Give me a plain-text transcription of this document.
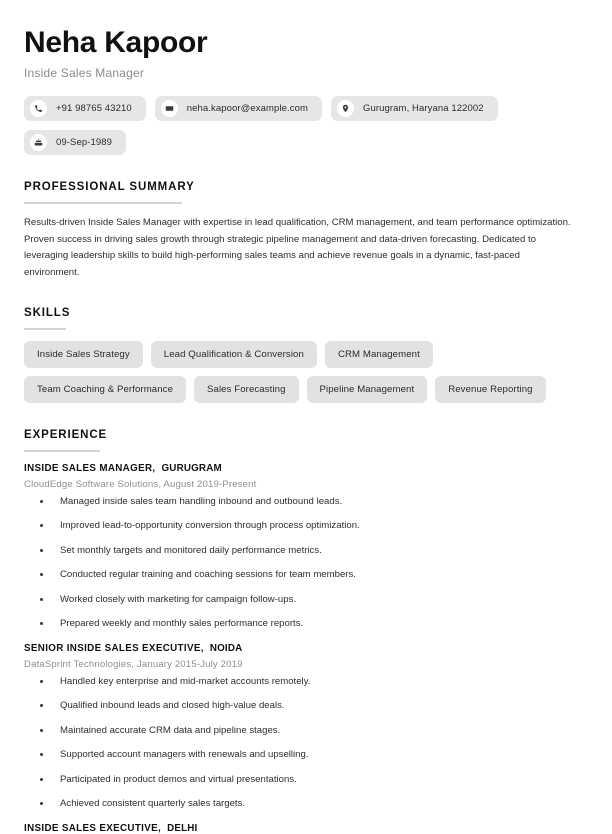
Neha Kapoor
Inside Sales Manager
+91 98765 43210	neha.kapoor@example.com	Gurugram, Haryana 122002
09-Sep-1989
PROFESSIONAL SUMMARY

Results-driven Inside Sales Manager with expertise in lead qualification, CRM management, and team performance optimization. Proven success in driving sales growth through strategic pipeline management and data-driven forecasting. Dedicated to leveraging leadership skills to build high-performing sales teams and achieve revenue goals in a dynamic, fast-paced environment.

SKILLS
Inside Sales Strategy	Lead Qualification & Conversion	CRM Management
Team Coaching & Performance	Sales Forecasting	Pipeline Management	Revenue Reporting
EXPERIENCE
INSIDE SALES MANAGER, GURUGRAM
CloudEdge Software Solutions, August 2019-Present
Managed inside sales team handling inbound and outbound leads.
Improved lead-to-opportunity conversion through process optimization.
Set monthly targets and monitored daily performance metrics.
Conducted regular training and coaching sessions for team members.
Worked closely with marketing for campaign follow-ups.
Prepared weekly and monthly sales performance reports.
SENIOR INSIDE SALES EXECUTIVE, NOIDA
DataSprint Technologies, January 2015-July 2019
Handled key enterprise and mid-market accounts remotely.
Qualified inbound leads and closed high-value deals.
Maintained accurate CRM data and pipeline stages.
Supported account managers with renewals and upselling.
Participated in product demos and virtual presentations.
Achieved consistent quarterly sales targets.
INSIDE SALES EXECUTIVE, DELHI
